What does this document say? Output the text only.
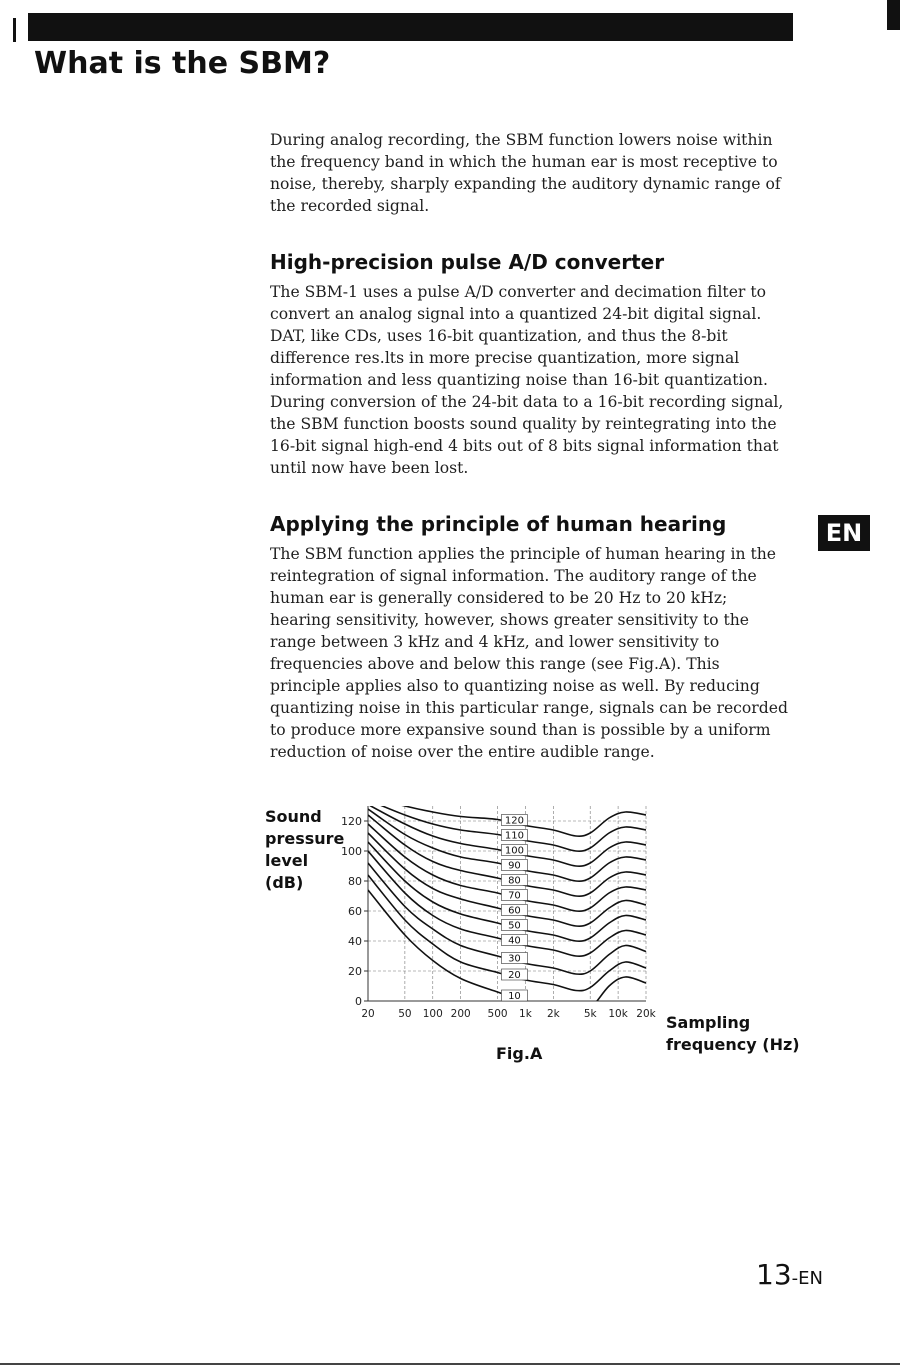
What is the SBM?

During analog recording, the SBM function lowers noise within the frequency band in which the human ear is most receptive to noise, thereby, sharply expanding the auditory dynamic range of the recorded signal.

High-precision pulse A/D converter

The SBM-1 uses a pulse A/D converter and decimation filter to convert an analog signal into a quantized 24-bit digital signal. DAT, like CDs, uses 16-bit quantization, and thus the 8-bit difference res․lts in more precise quantization, more signal information and less quantizing noise than 16-bit quantization. During conversion of the 24-bit data to a 16-bit recording signal, the SBM function boosts sound quality by reintegrating into the 16-bit signal high-end 4 bits out of 8 bits signal information that until now have been lost.

Applying the principle of human hearing

The SBM function applies the principle of human hearing in the reintegration of signal information. The auditory range of the human ear is generally considered to be 20 Hz to 20 kHz; hearing sensitivity, however, shows greater sensitivity to the range between 3 kHz and 4 kHz, and lower sensitivity to frequencies above and below this range (see Fig.A). This principle applies also to quantizing noise as well. By reducing quantizing noise in this particular range, signals can be recorded to produce more expansive sound than is possible by a uniform reduction of noise over the entire audible range.

EN

Sound
pressure
level
(dB)

0
20
40
60
80
100
120
20 50 100 200 500 1k 2k 5k 10k 20k
10
20
30
40
50
60
70
80
90
100
110
120

Sampling
frequency (Hz)

Fig.A

13-EN
